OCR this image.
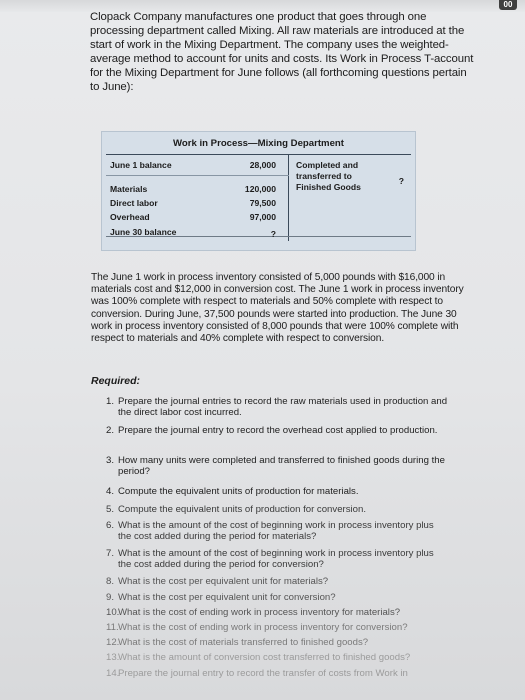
00
Clopack Company manufactures one product that goes through one processing department called Mixing. All raw materials are introduced at the start of work in the Mixing Department. The company uses the weighted-average method to account for units and costs. Its Work in Process T-account for the Mixing Department for June follows (all forthcoming questions pertain to June):
Work in Process—Mixing Department
June 1 balance	28,000
Materials	120,000
Direct labor	79,500
Overhead	97,000
June 30 balance	?
Completed and transferred to Finished Goods
?
The June 1 work in process inventory consisted of 5,000 pounds with $16,000 in materials cost and $12,000 in conversion cost. The June 1 work in process inventory was 100% complete with respect to materials and 50% complete with respect to conversion. During June, 37,500 pounds were started into production. The June 30 work in process inventory consisted of 8,000 pounds that were 100% complete with respect to materials and 40% complete with respect to conversion.
Required:
1. Prepare the journal entries to record the raw materials used in production and the direct labor cost incurred.
2. Prepare the journal entry to record the overhead cost applied to production.
3. How many units were completed and transferred to finished goods during the period?
4. Compute the equivalent units of production for materials.
5. Compute the equivalent units of production for conversion.
6. What is the amount of the cost of beginning work in process inventory plus the cost added during the period for materials?
7. What is the amount of the cost of beginning work in process inventory plus the cost added during the period for conversion?
8. What is the cost per equivalent unit for materials?
9. What is the cost per equivalent unit for conversion?
10.
What is the cost of ending work in process inventory for materials?
11. What is the cost of ending work in process inventory for conversion?
12.
What is the cost of materials transferred to finished goods?
13.
What is the amount of conversion cost transferred to finished goods?
14.
Prepare the journal entry to record the transfer of costs from Work in
